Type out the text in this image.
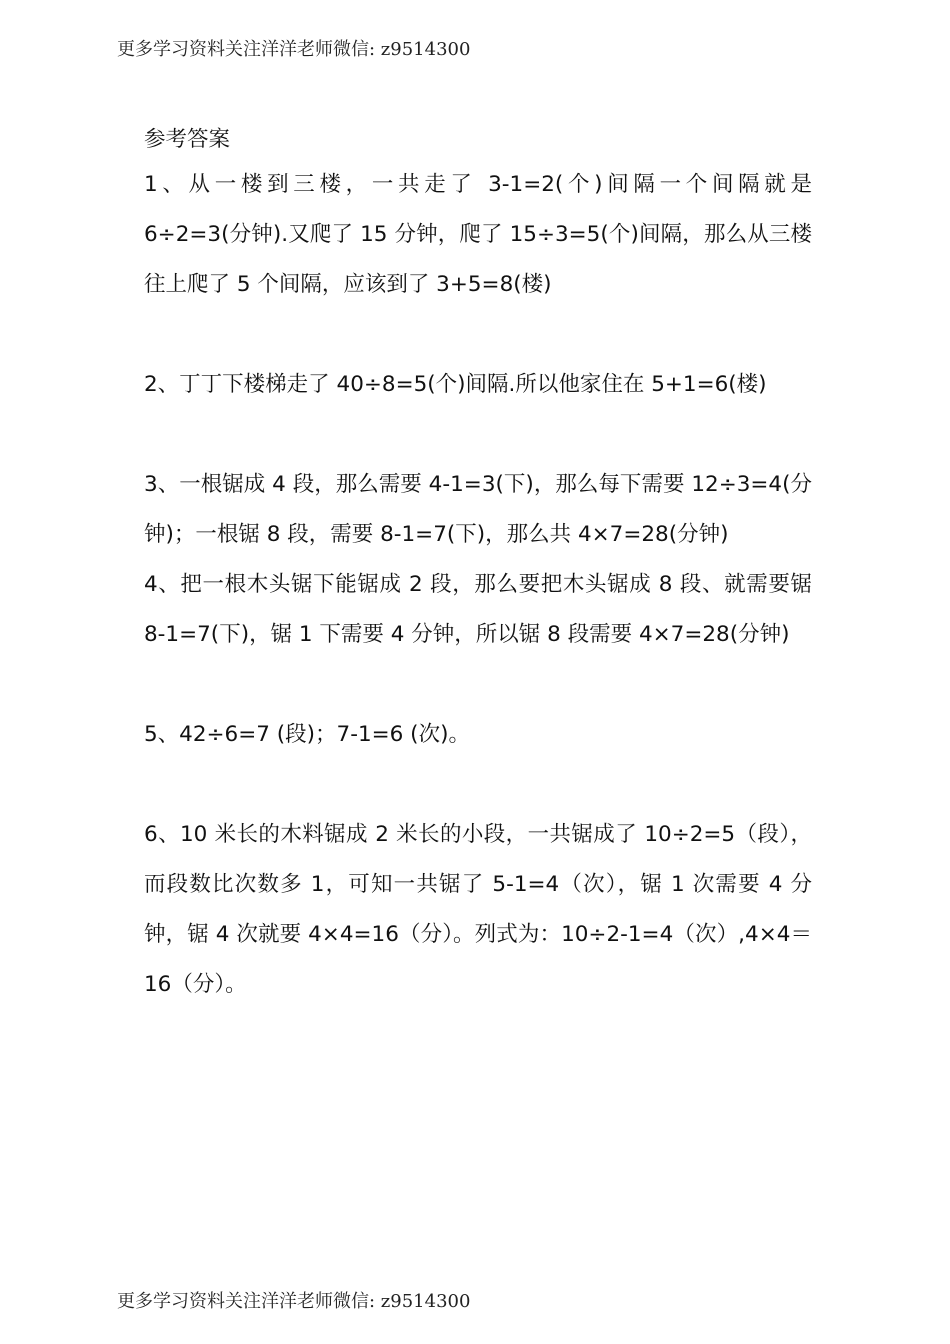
更多学习资料关注洋洋老师微信: z9514300
参考答案

1、从一楼到三楼，一共走了 3-1=2(个)间隔一个间隔就是 6÷2=3(分钟).又爬了 15 分钟，爬了 15÷3=5(个)间隔，那么从三楼往上爬了 5 个间隔，应该到了 3+5=8(楼)

2、丁丁下楼梯走了 40÷8=5(个)间隔.所以他家住在 5+1=6(楼)

3、一根锯成 4 段，那么需要 4-1=3(下)，那么每下需要 12÷3=4(分钟)；一根锯 8 段，需要 8-1=7(下)，那么共 4×7=28(分钟)

4、把一根木头锯下能锯成 2 段，那么要把木头锯成 8 段、就需要锯 8-1=7(下)，锯 1 下需要 4 分钟，所以锯 8 段需要 4×7=28(分钟)

5、42÷6=7 (段)；7-1=6 (次)。

6、10 米长的木料锯成 2 米长的小段，一共锯成了 10÷2=5（段），而段数比次数多 1，可知一共锯了 5-1=4（次），锯 1 次需要 4 分钟，锯 4 次就要 4×4=16（分）。列式为：10÷2-1=4（次）,4×4＝16（分）。

更多学习资料关注洋洋老师微信: z9514300
